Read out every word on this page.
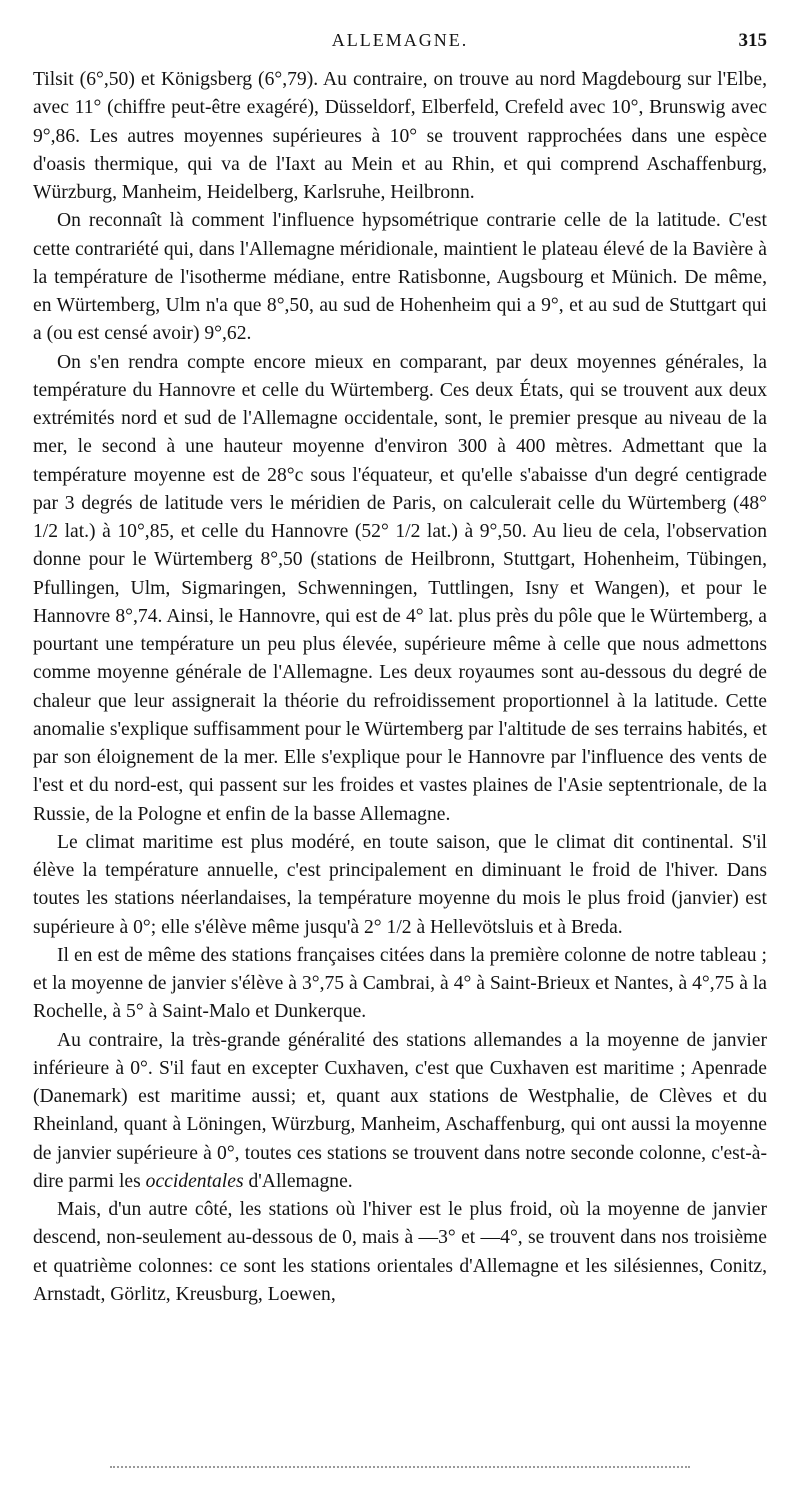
ALLEMAGNE.	315

Tilsit (6°,50) et Königsberg (6°,79). Au contraire, on trouve au nord Magdebourg sur l'Elbe, avec 11° (chiffre peut-être exagéré), Düsseldorf, Elberfeld, Crefeld avec 10°, Brunswig avec 9°,86. Les autres moyennes supérieures à 10° se trouvent rapprochées dans une espèce d'oasis thermique, qui va de l'Iaxt au Mein et au Rhin, et qui comprend Aschaffenburg, Würzburg, Manheim, Heidelberg, Karlsruhe, Heilbronn.

On reconnaît là comment l'influence hypsométrique contrarie celle de la latitude. C'est cette contrariété qui, dans l'Allemagne méridionale, maintient le plateau élevé de la Bavière à la température de l'isotherme médiane, entre Ratisbonne, Augsbourg et Münich. De même, en Würtemberg, Ulm n'a que 8°,50, au sud de Hohenheim qui a 9°, et au sud de Stuttgart qui a (ou est censé avoir) 9°,62.

On s'en rendra compte encore mieux en comparant, par deux moyennes générales, la température du Hannovre et celle du Würtemberg. Ces deux États, qui se trouvent aux deux extrémités nord et sud de l'Allemagne occidentale, sont, le premier presque au niveau de la mer, le second à une hauteur moyenne d'environ 300 à 400 mètres. Admettant que la température moyenne est de 28°c sous l'équateur, et qu'elle s'abaisse d'un degré centigrade par 3 degrés de latitude vers le méridien de Paris, on calculerait celle du Würtemberg (48° 1/2 lat.) à 10°,85, et celle du Hannovre (52° 1/2 lat.) à 9°,50. Au lieu de cela, l'observation donne pour le Würtemberg 8°,50 (stations de Heilbronn, Stuttgart, Hohenheim, Tübingen, Pfullingen, Ulm, Sigmaringen, Schwenningen, Tuttlingen, Isny et Wangen), et pour le Hannovre 8°,74. Ainsi, le Hannovre, qui est de 4° lat. plus près du pôle que le Würtemberg, a pourtant une température un peu plus élevée, supérieure même à celle que nous admettons comme moyenne générale de l'Allemagne. Les deux royaumes sont au-dessous du degré de chaleur que leur assignerait la théorie du refroidissement proportionnel à la latitude. Cette anomalie s'explique suffisamment pour le Würtemberg par l'altitude de ses terrains habités, et par son éloignement de la mer. Elle s'explique pour le Hannovre par l'influence des vents de l'est et du nord-est, qui passent sur les froides et vastes plaines de l'Asie septentrionale, de la Russie, de la Pologne et enfin de la basse Allemagne.

Le climat maritime est plus modéré, en toute saison, que le climat dit continental. S'il élève la température annuelle, c'est principalement en diminuant le froid de l'hiver. Dans toutes les stations néerlandaises, la température moyenne du mois le plus froid (janvier) est supérieure à 0°; elle s'élève même jusqu'à 2° 1/2 à Hellevötsluis et à Breda.

Il en est de même des stations françaises citées dans la première colonne de notre tableau ; et la moyenne de janvier s'élève à 3°,75 à Cambrai, à 4° à Saint-Brieux et Nantes, à 4°,75 à la Rochelle, à 5° à Saint-Malo et Dunkerque.

Au contraire, la très-grande généralité des stations allemandes a la moyenne de janvier inférieure à 0°. S'il faut en excepter Cuxhaven, c'est que Cuxhaven est maritime ; Apenrade (Danemark) est maritime aussi; et, quant aux stations de Westphalie, de Clèves et du Rheinland, quant à Löningen, Würzburg, Manheim, Aschaffenburg, qui ont aussi la moyenne de janvier supérieure à 0°, toutes ces stations se trouvent dans notre seconde colonne, c'est-à-dire parmi les occidentales d'Allemagne.

Mais, d'un autre côté, les stations où l'hiver est le plus froid, où la moyenne de janvier descend, non-seulement au-dessous de 0, mais à —3° et —4°, se trouvent dans nos troisième et quatrième colonnes: ce sont les stations orientales d'Allemagne et les silésiennes, Conitz, Arnstadt, Görlitz, Kreusburg, Loewen,
